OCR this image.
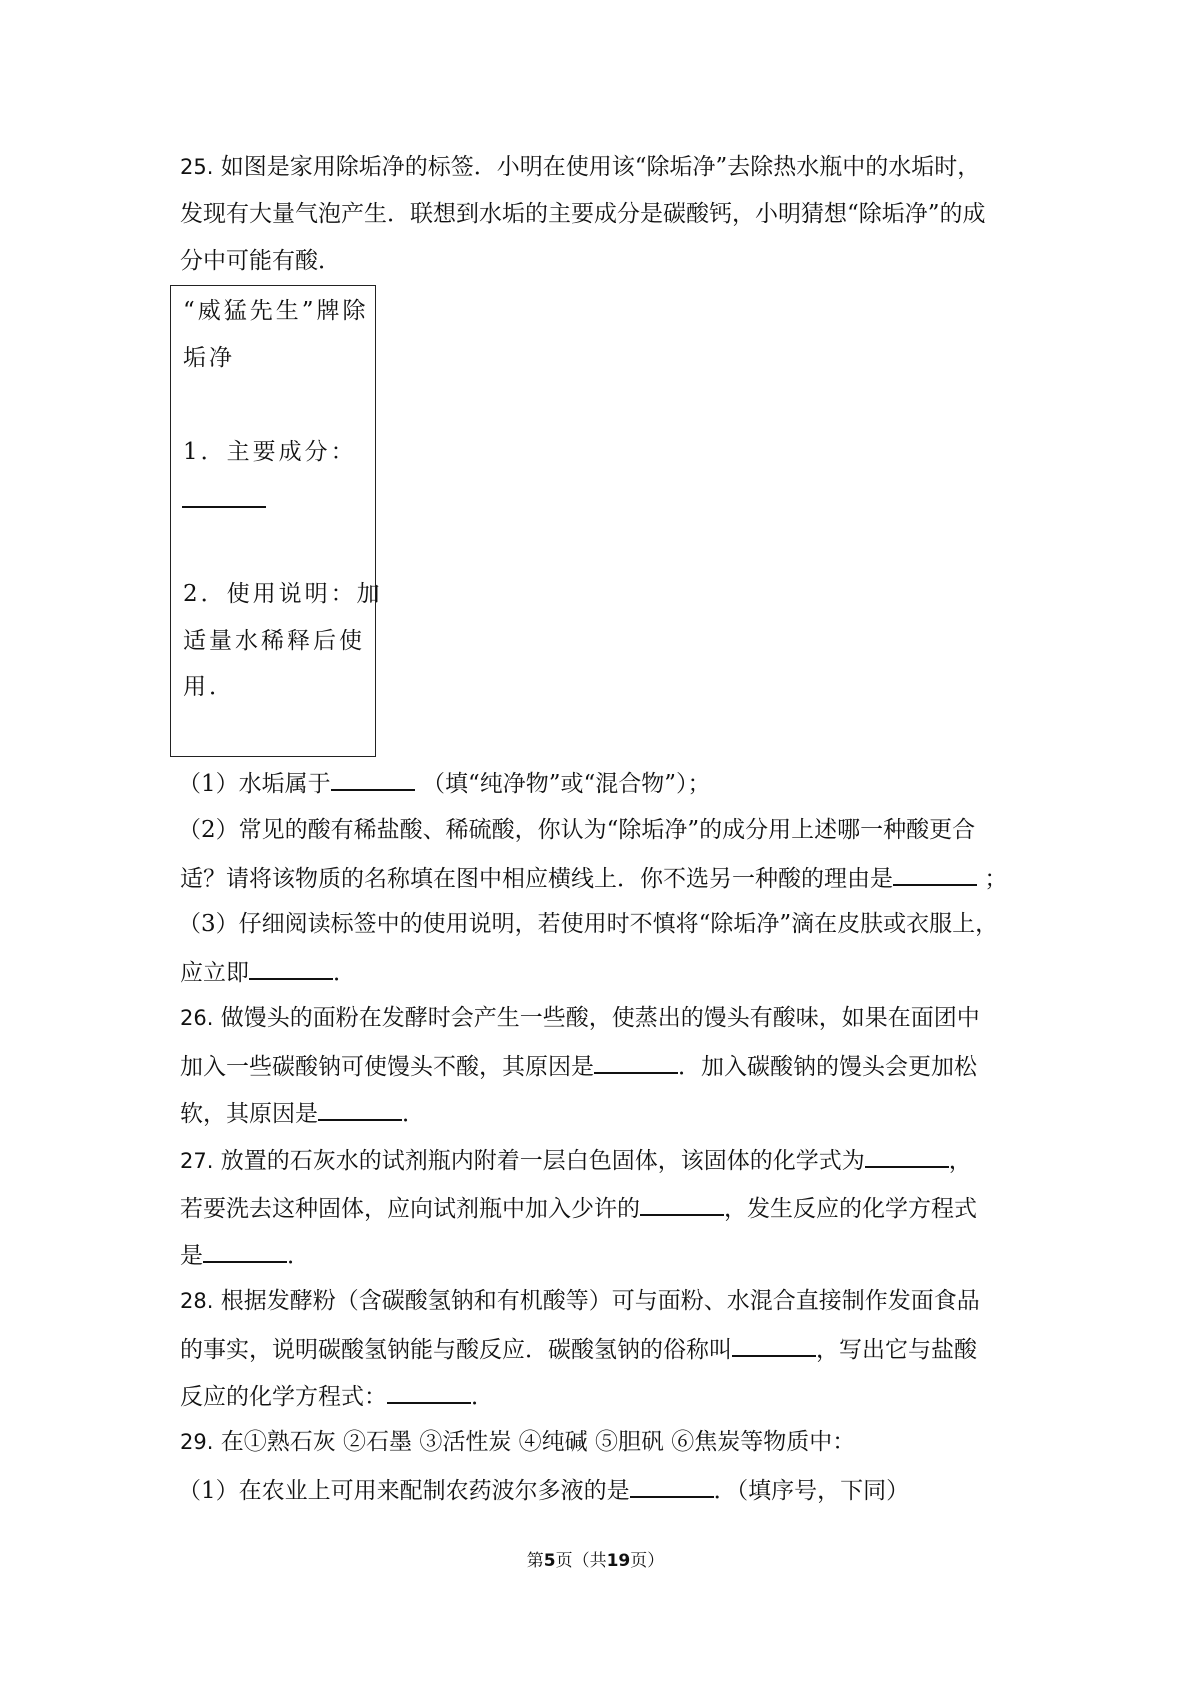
25. 如图是家用除垢净的标签．小明在使用该“除垢净”去除热水瓶中的水垢时，
发现有大量气泡产生．联想到水垢的主要成分是碳酸钙，小明猜想“除垢净”的成
分中可能有酸．
“威猛先生”牌除
垢净
1．主要成分：
2．使用说明：加
适量水稀释后使
用．
（1）水垢属于	（填“纯净物”或“混合物”）；
（2）常见的酸有稀盐酸、稀硫酸，你认为“除垢净”的成分用上述哪一种酸更合
适？请将该物质的名称填在图中相应横线上．你不选另一种酸的理由是	；
（3）仔细阅读标签中的使用说明，若使用时不慎将“除垢净”滴在皮肤或衣服上，
应立即	．
26. 做馒头的面粉在发酵时会产生一些酸，使蒸出的馒头有酸味，如果在面团中
加入一些碳酸钠可使馒头不酸，其原因是	．加入碳酸钠的馒头会更加松
软，其原因是	．
27. 放置的石灰水的试剂瓶内附着一层白色固体，该固体的化学式为	，
若要洗去这种固体，应向试剂瓶中加入少许的	，发生反应的化学方程式
是	．
28. 根据发酵粉（含碳酸氢钠和有机酸等）可与面粉、水混合直接制作发面食品
的事实，说明碳酸氢钠能与酸反应．碳酸氢钠的俗称叫	，写出它与盐酸
反应的化学方程式：	．
29. 在①熟石灰 ②石墨 ③活性炭 ④纯碱 ⑤胆矾 ⑥焦炭等物质中：
（1）在农业上可用来配制农药波尔多液的是	．（填序号，下同）
第5页（共19页）
